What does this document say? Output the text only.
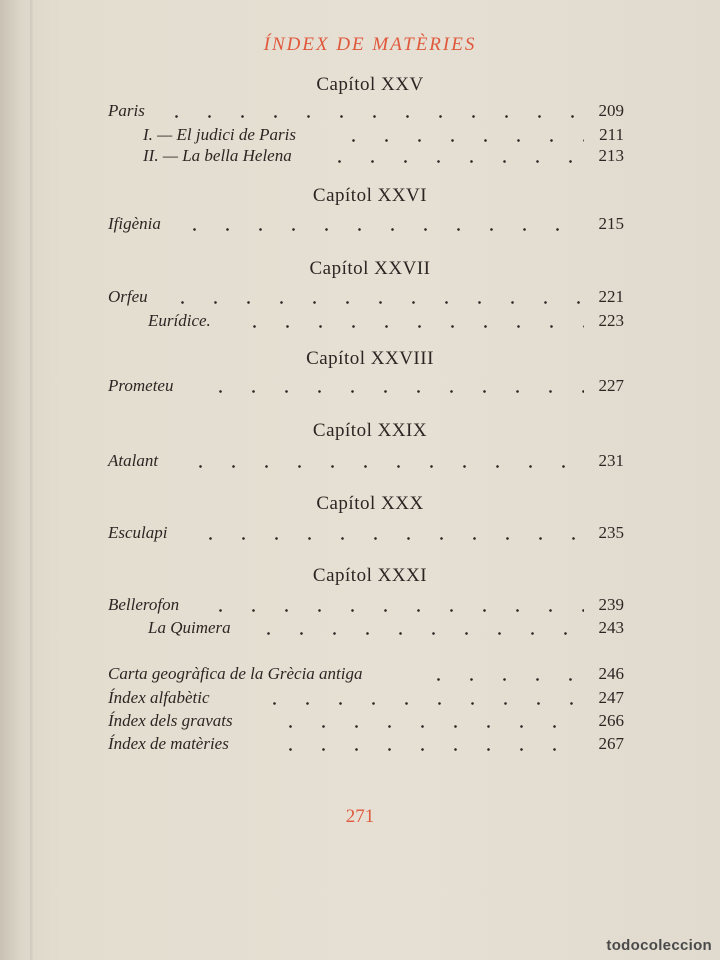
ÍNDEX DE MATÈRIES
Capítol XXV
Paris	209
I. — El judici de Paris	211
II. — La bella Helena	213
Capítol XXVI
Ifigènia	215
Capítol XXVII
Orfeu	221
Eurídice.	223
Capítol XXVIII
Prometeu	227
Capítol XXIX
Atalant	231
Capítol XXX
Esculapi	235
Capítol XXXI
Bellerofon	239
La Quimera	243
Carta geogràfica de la Grècia antiga	246
Índex alfabètic	247
Índex dels gravats	266
Índex de matèries	267
271
todocoleccion
